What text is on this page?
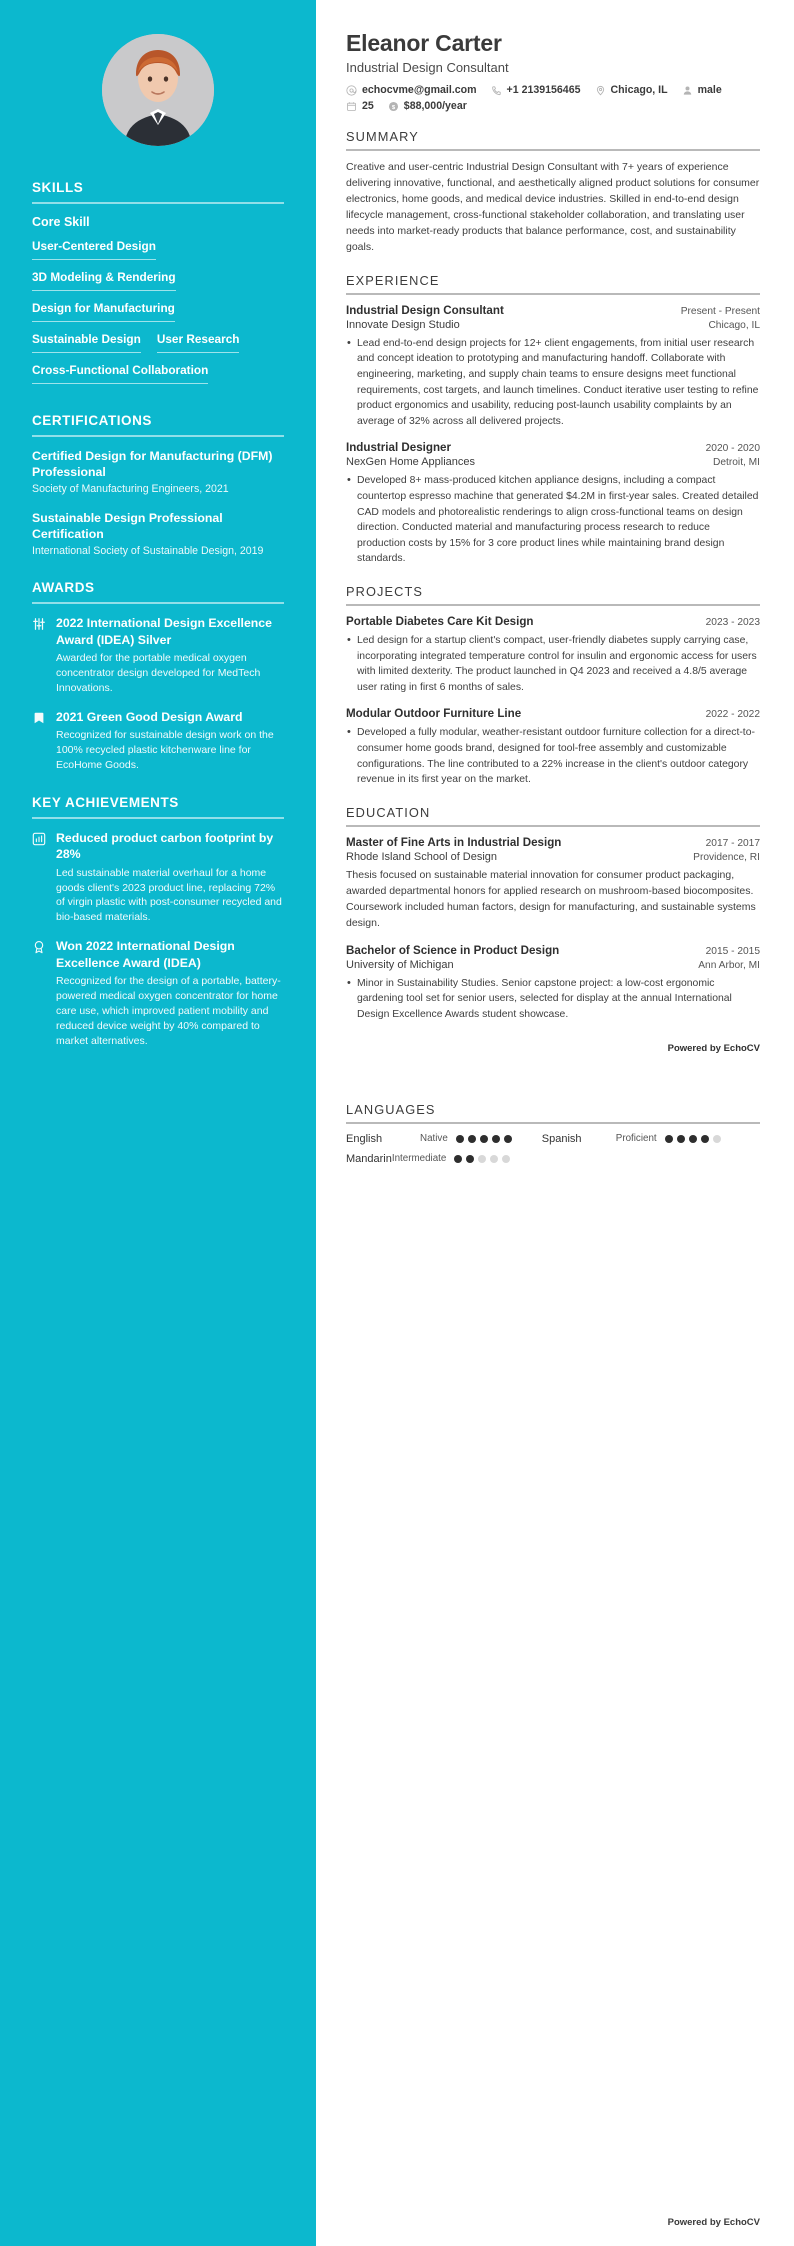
SKILLS
Core Skill
User-Centered Design
3D Modeling & Rendering
Design for Manufacturing
Sustainable Design User Research
Cross-Functional Collaboration
CERTIFICATIONS
Certified Design for Manufacturing (DFM) Professional
Society of Manufacturing Engineers, 2021
Sustainable Design Professional Certification
International Society of Sustainable Design, 2019
AWARDS
2022 International Design Excellence Award (IDEA) Silver
Awarded for the portable medical oxygen concentrator design developed for MedTech Innovations.
2021 Green Good Design Award
Recognized for sustainable design work on the 100% recycled plastic kitchenware line for EcoHome Goods.
KEY ACHIEVEMENTS
Reduced product carbon footprint by 28%
Led sustainable material overhaul for a home goods client's 2023 product line, replacing 72% of virgin plastic with post-consumer recycled and bio-based materials.
Won 2022 International Design Excellence Award (IDEA)
Recognized for the design of a portable, battery-powered medical oxygen concentrator for home care use, which improved patient mobility and reduced device weight by 40% compared to market alternatives.
Eleanor Carter
Industrial Design Consultant
echocvme@gmail.com	+1 2139156465	Chicago, IL	male
25 $ $88,000/year
SUMMARY

Creative and user-centric Industrial Design Consultant with 7+ years of experience delivering innovative, functional, and aesthetically aligned product solutions for consumer electronics, home goods, and medical device industries. Skilled in end-to-end design lifecycle management, cross-functional stakeholder collaboration, and translating user needs into market-ready products that balance performance, cost, and sustainability goals.

EXPERIENCE
Industrial Design Consultant	Present - Present
Innovate Design Studio	Chicago, IL
• Lead end-to-end design projects for 12+ client engagements, from initial user research and concept ideation to prototyping and manufacturing handoff. Collaborate with engineering, marketing, and supply chain teams to ensure designs meet functional requirements, cost targets, and launch timelines. Conduct iterative user testing to refine product ergonomics and usability, reducing post-launch usability complaints by an average of 32% across all delivered projects.
Industrial Designer	2020 - 2020
NexGen Home Appliances	Detroit, MI
• Developed 8+ mass-produced kitchen appliance designs, including a compact countertop espresso machine that generated $4.2M in first-year sales. Created detailed CAD models and photorealistic renderings to align cross-functional teams on design direction. Conducted material and manufacturing process research to reduce production costs by 15% for 3 core product lines while maintaining brand design standards.
PROJECTS
Portable Diabetes Care Kit Design	2023 - 2023
• Led design for a startup client's compact, user-friendly diabetes supply carrying case, incorporating integrated temperature control for insulin and ergonomic access for users with limited dexterity. The product launched in Q4 2023 and received a 4.8/5 average user rating in first 6 months of sales.
Modular Outdoor Furniture Line	2022 - 2022
• Developed a fully modular, weather-resistant outdoor furniture collection for a direct-to-consumer home goods brand, designed for tool-free assembly and customizable configurations. The line contributed to a 22% increase in the client's outdoor category revenue in its first year on the market.
EDUCATION
Master of Fine Arts in Industrial Design	2017 - 2017
Rhode Island School of Design	Providence, RI

Thesis focused on sustainable material innovation for consumer product packaging, awarded departmental honors for applied research on mushroom-based biocomposites. Coursework included human factors, design for manufacturing, and sustainable systems design.

Bachelor of Science in Product Design	2015 - 2015
University of Michigan	Ann Arbor, MI
• Minor in Sustainability Studies. Senior capstone project: a low-cost ergonomic gardening tool set for senior users, selected for display at the annual International Design Excellence Awards student showcase.
Powered by EchoCV
LANGUAGES
English	Native	Spanish	Proficient
Mandarin Intermediate
Powered by EchoCV
